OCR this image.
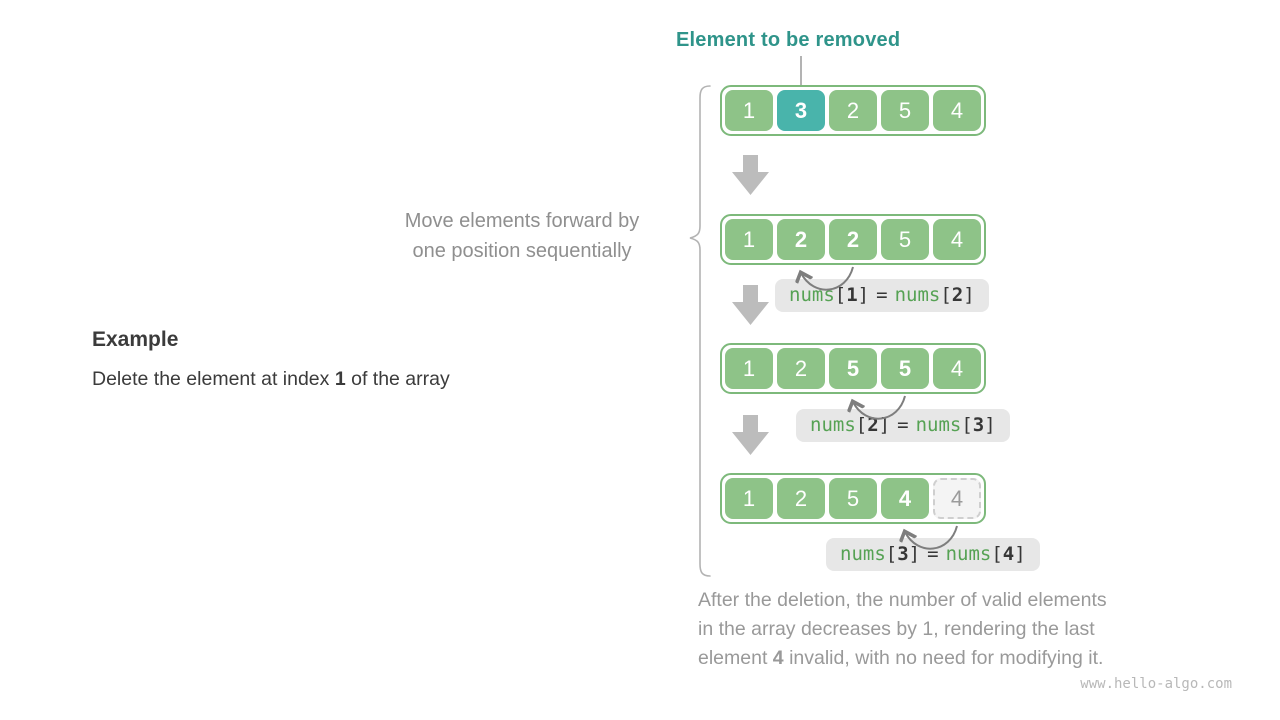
Element to be removed
Move elements forward by
one position sequentially
Example
Delete the element at index 1 of the array
1	3	2	5	4
1	2	2	5	4
1	2	5	5	4
1	2	5	4	4
nums[1] = nums[2]
nums[2] = nums[3]
nums[3] = nums[4]
After the deletion, the number of valid elements
in the array decreases by 1, rendering the last
element 4 invalid, with no need for modifying it.
www.hello-algo.com
